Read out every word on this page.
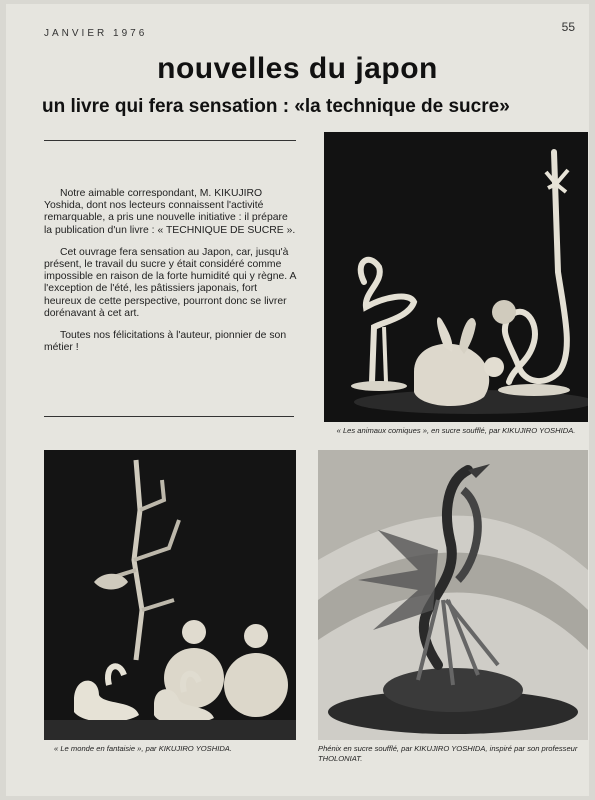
JANVIER 1976	55
nouvelles du japon
un livre qui fera sensation : «la technique de sucre»

Notre aimable correspondant, M. KIKUJIRO Yoshida, dont nos lecteurs connaissent l'activité remarquable, a pris une nouvelle initiative : il prépare la publication d'un livre : « TECHNIQUE DE SUCRE ».

Cet ouvrage fera sensation au Japon, car, jusqu'à présent, le travail du sucre y était considéré comme impossible en raison de la forte humidité qui y règne. A l'exception de l'été, les pâtissiers japonais, fort heureux de cette perspective, pourront donc se livrer dorénavant à cet art.

Toutes nos félicitations à l'auteur, pionnier de son métier !

« Les animaux comiques », en sucre soufflé, par KIKUJIRO YOSHIDA.
« Le monde en fantaisie », par KIKUJIRO YOSHIDA.	Phénix en sucre soufflé, par KIKUJIRO YOSHIDA, inspiré par son professeur THOLONIAT.
